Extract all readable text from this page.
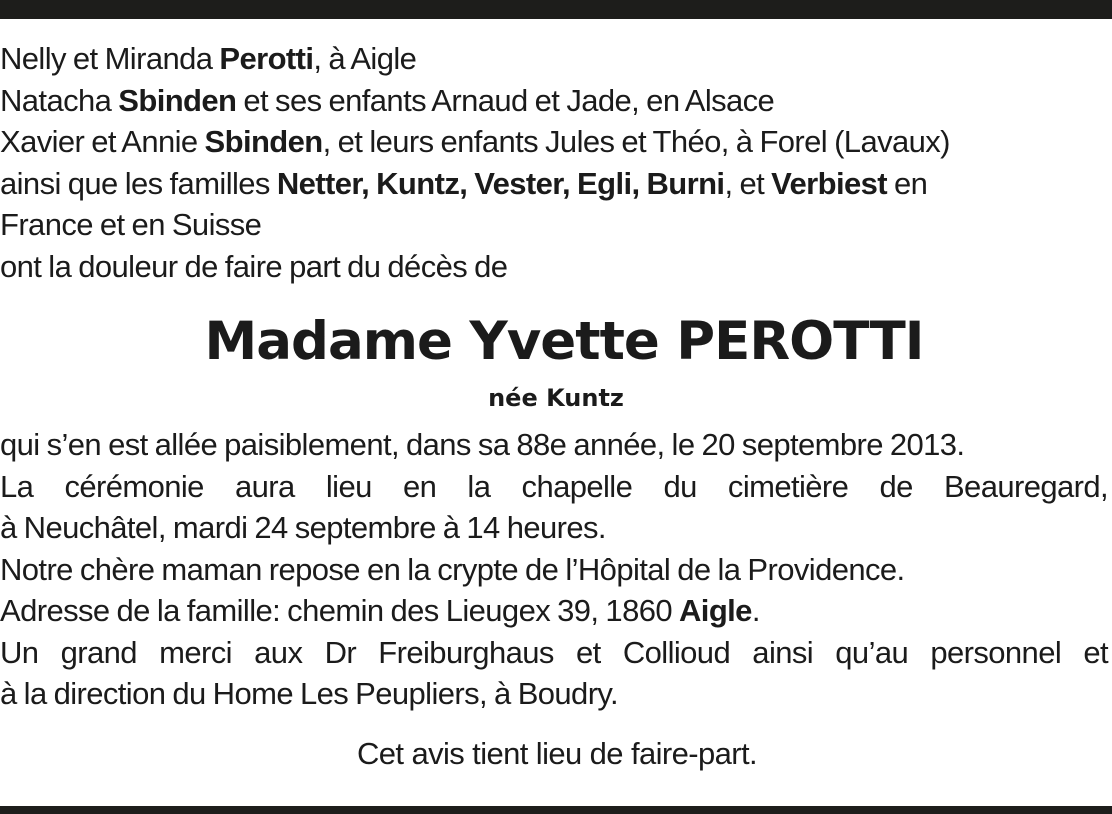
Nelly et Miranda Perotti, à Aigle
Natacha Sbinden et ses enfants Arnaud et Jade, en Alsace
Xavier et Annie Sbinden, et leurs enfants Jules et Théo, à Forel (Lavaux)
ainsi que les familles Netter, Kuntz, Vester, Egli, Burni, et Verbiest en
France et en Suisse
ont la douleur de faire part du décès de
Madame Yvette PEROTTI
née Kuntz
qui s’en est allée paisiblement, dans sa 88e année, le 20 septembre 2013.
La cérémonie aura lieu en la chapelle du cimetière de Beauregard,
à Neuchâtel, mardi 24 septembre à 14 heures.
Notre chère maman repose en la crypte de l’Hôpital de la Providence.
Adresse de la famille: chemin des Lieugex 39, 1860 Aigle.
Un grand merci aux Dr Freiburghaus et Collioud ainsi qu’au personnel et
à la direction du Home Les Peupliers, à Boudry.
Cet avis tient lieu de faire-part.
